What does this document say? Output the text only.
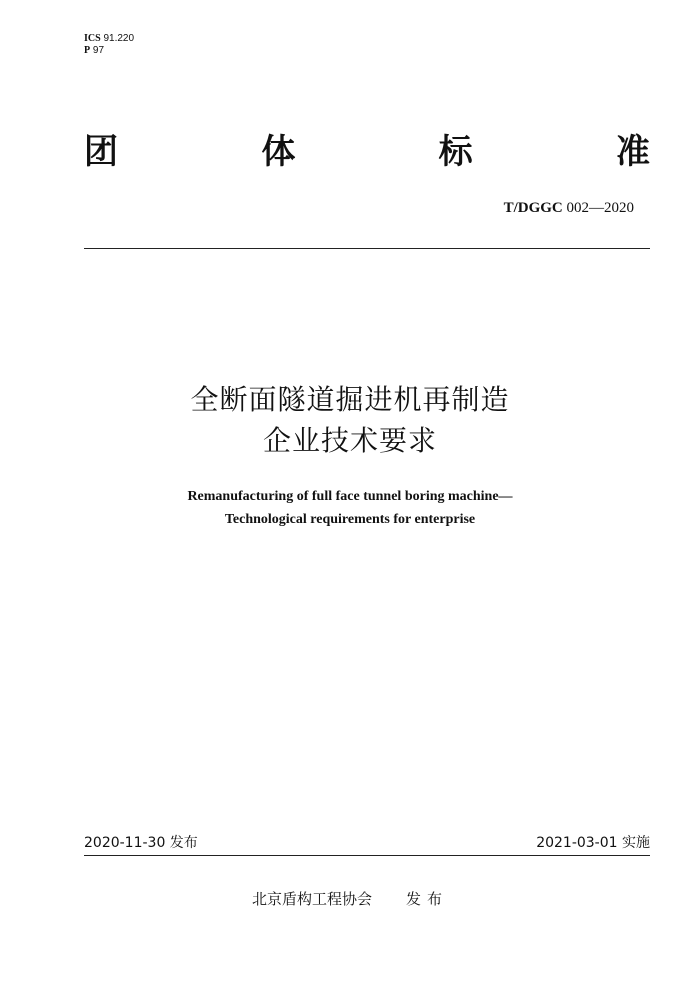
ICS 91.220
P 97
团	体	标	准
T/DGGC 002—2020
全断面隧道掘进机再制造
企业技术要求
Remanufacturing of full face tunnel boring machine—
Technological requirements for enterprise
2020-11-30 发布	2021-03-01 实施
北京盾构工程协会 发布
